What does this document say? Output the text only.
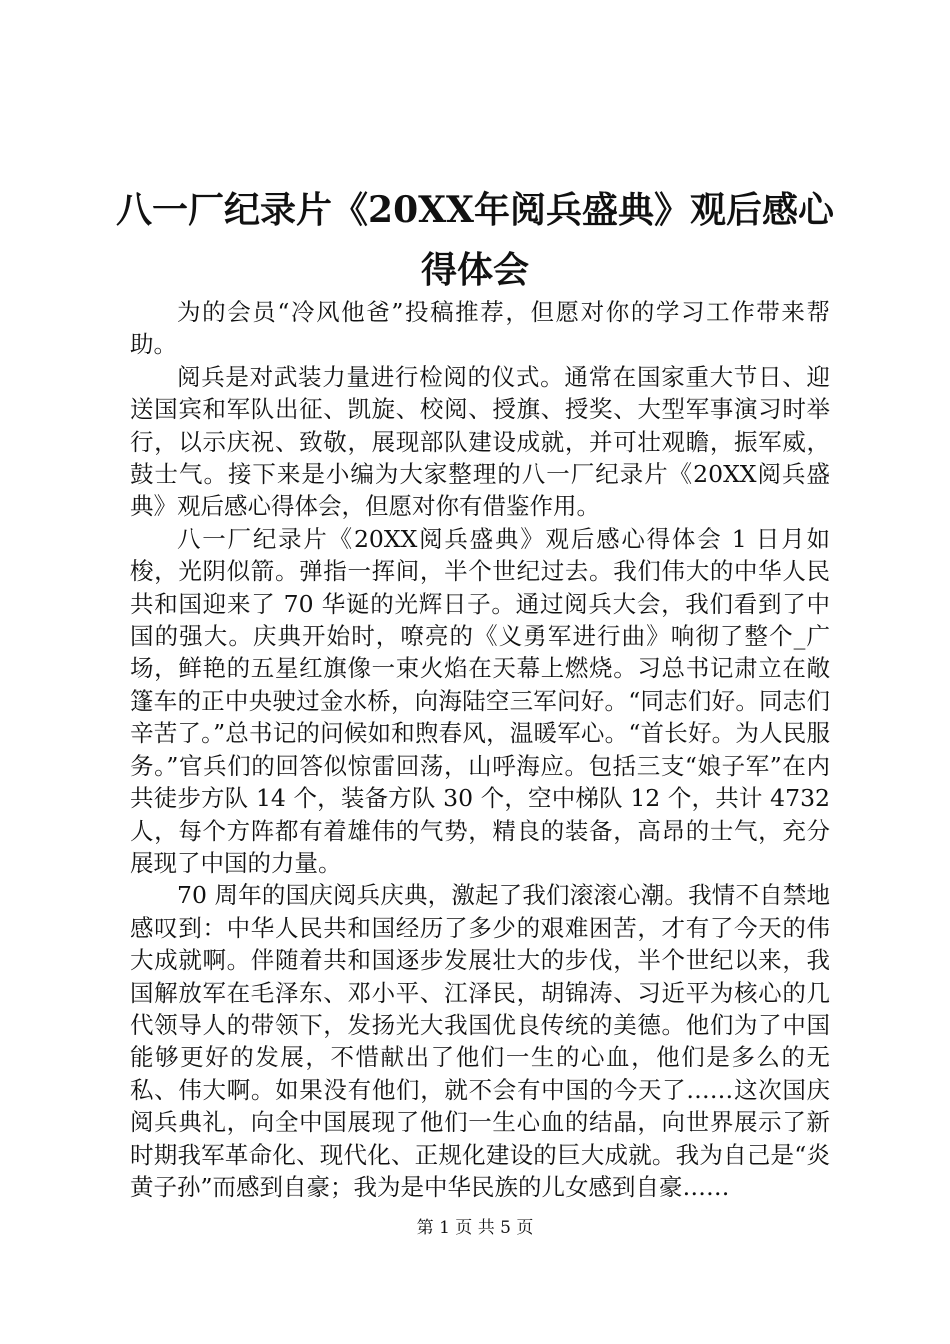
八一厂纪录片《20XX年阅兵盛典》观后感心
得体会

为的会员“冷风他爸”投稿推荐，但愿对你的学习工作带来帮助。

阅兵是对武装力量进行检阅的仪式。通常在国家重大节日、迎送国宾和军队出征、凯旋、校阅、授旗、授奖、大型军事演习时举行，以示庆祝、致敬，展现部队建设成就，并可壮观瞻，振军威，鼓士气。接下来是小编为大家整理的八一厂纪录片《20XX阅兵盛典》观后感心得体会，但愿对你有借鉴作用。

八一厂纪录片《20XX阅兵盛典》观后感心得体会 1 日月如梭，光阴似箭。弹指一挥间，半个世纪过去。我们伟大的中华人民共和国迎来了 70 华诞的光辉日子。通过阅兵大会，我们看到了中国的强大。庆典开始时，嘹亮的《义勇军进行曲》响彻了整个_广场，鲜艳的五星红旗像一束火焰在天幕上燃烧。习总书记肃立在敞篷车的正中央驶过金水桥，向海陆空三军问好。“同志们好。同志们辛苦了。”总书记的问候如和煦春风，温暖军心。“首长好。为人民服务。”官兵们的回答似惊雷回荡，山呼海应。包括三支“娘子军”在内共徒步方队 14 个，装备方队 30 个，空中梯队 12 个，共计 4732 人，每个方阵都有着雄伟的气势，精良的装备，高昂的士气，充分展现了中国的力量。

70 周年的国庆阅兵庆典，激起了我们滚滚心潮。我情不自禁地感叹到：中华人民共和国经历了多少的艰难困苦，才有了今天的伟大成就啊。伴随着共和国逐步发展壮大的步伐，半个世纪以来，我国解放军在毛泽东、邓小平、江泽民，胡锦涛、习近平为核心的几代领导人的带领下，发扬光大我国优良传统的美德。他们为了中国能够更好的发展，不惜献出了他们一生的心血，他们是多么的无私、伟大啊。如果没有他们，就不会有中国的今天了……这次国庆阅兵典礼，向全中国展现了他们一生心血的结晶，向世界展示了新时期我军革命化、现代化、正规化建设的巨大成就。我为自己是“炎黄子孙”而感到自豪；我为是中华民族的儿女感到自豪……

第 1 页 共 5 页
